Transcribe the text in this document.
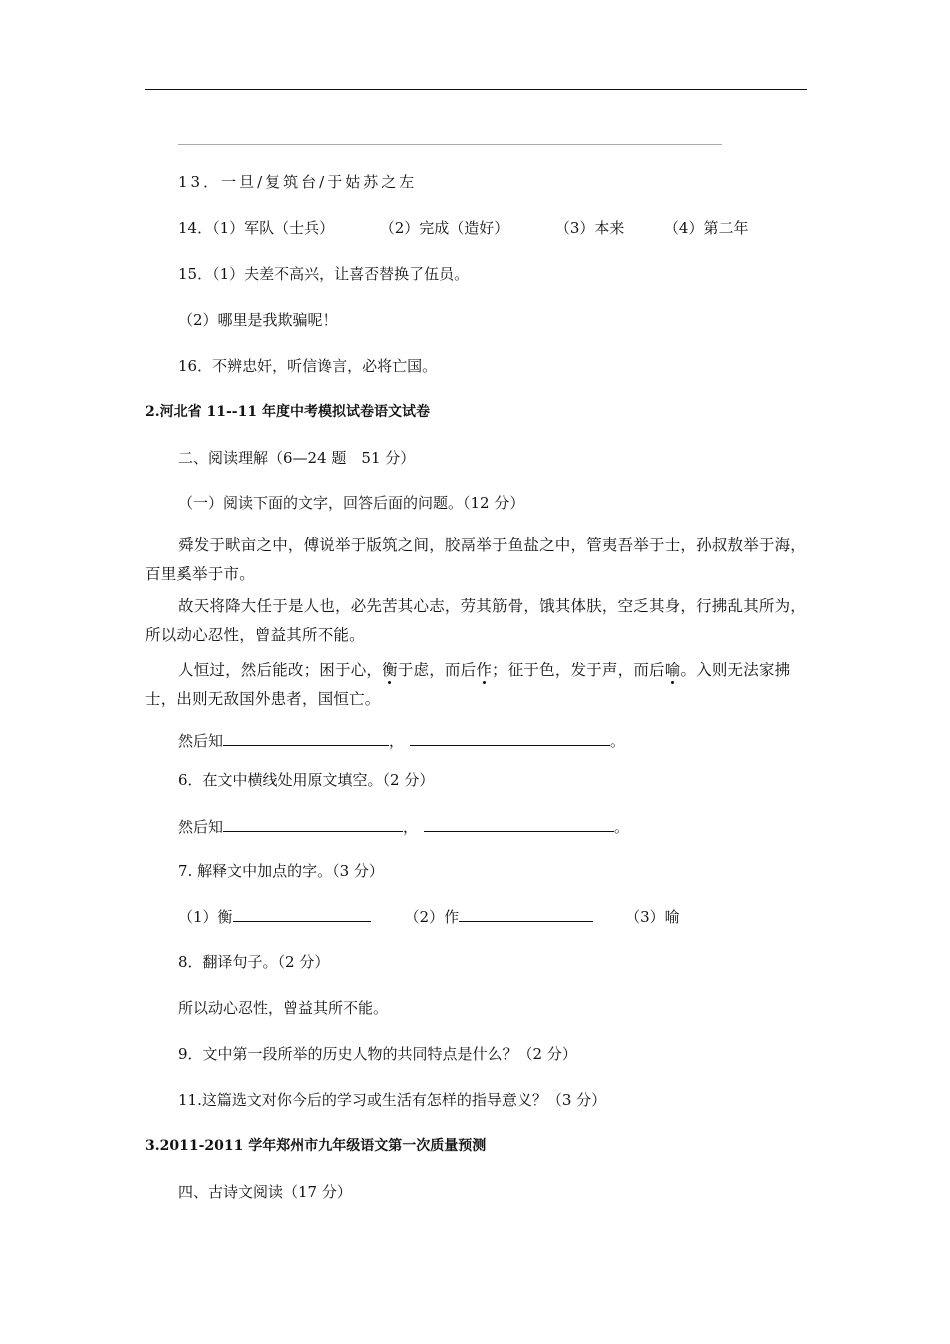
13．一旦/复筑台/于姑苏之左
14．（1）军队（士兵）	（2）完成（造好）	（3）本来	（4）第二年
15．（1）夫差不高兴，让喜否替换了伍员。
（2）哪里是我欺骗呢！
16．不辨忠奸，听信谗言，必将亡国。
2.河北省 11--11 年度中考模拟试卷语文试卷
二、阅读理解（6—24 题　51 分）
（一）阅读下面的文字，回答后面的问题。（12 分）
舜发于畎亩之中，傅说举于版筑之间，胶鬲举于鱼盐之中，管夷吾举于士，孙叔敖举于海，百里奚举于市。
故天将降大任于是人也，必先苦其心志，劳其筋骨，饿其体肤，空乏其身，行拂乱其所为，所以动心忍性，曾益其所不能。
人恒过，然后能改；困于心，衡于虑，而后作；征于色，发于声，而后喻。入则无法家拂士，出则无敌国外患者，国恒亡。
然后知	，	。
6．在文中横线处用原文填空。（2 分）
然后知	，	。
7. 解释文中加点的字。（3 分）
（1）衡	（2）作	（3）喻
8．翻译句子。（2 分）
所以动心忍性，曾益其所不能。
9．文中第一段所举的历史人物的共同特点是什么？（2 分）
11.这篇选文对你今后的学习或生活有怎样的指导意义？（3 分）
3.2011-2011 学年郑州市九年级语文第一次质量预测
四、古诗文阅读（17 分）
